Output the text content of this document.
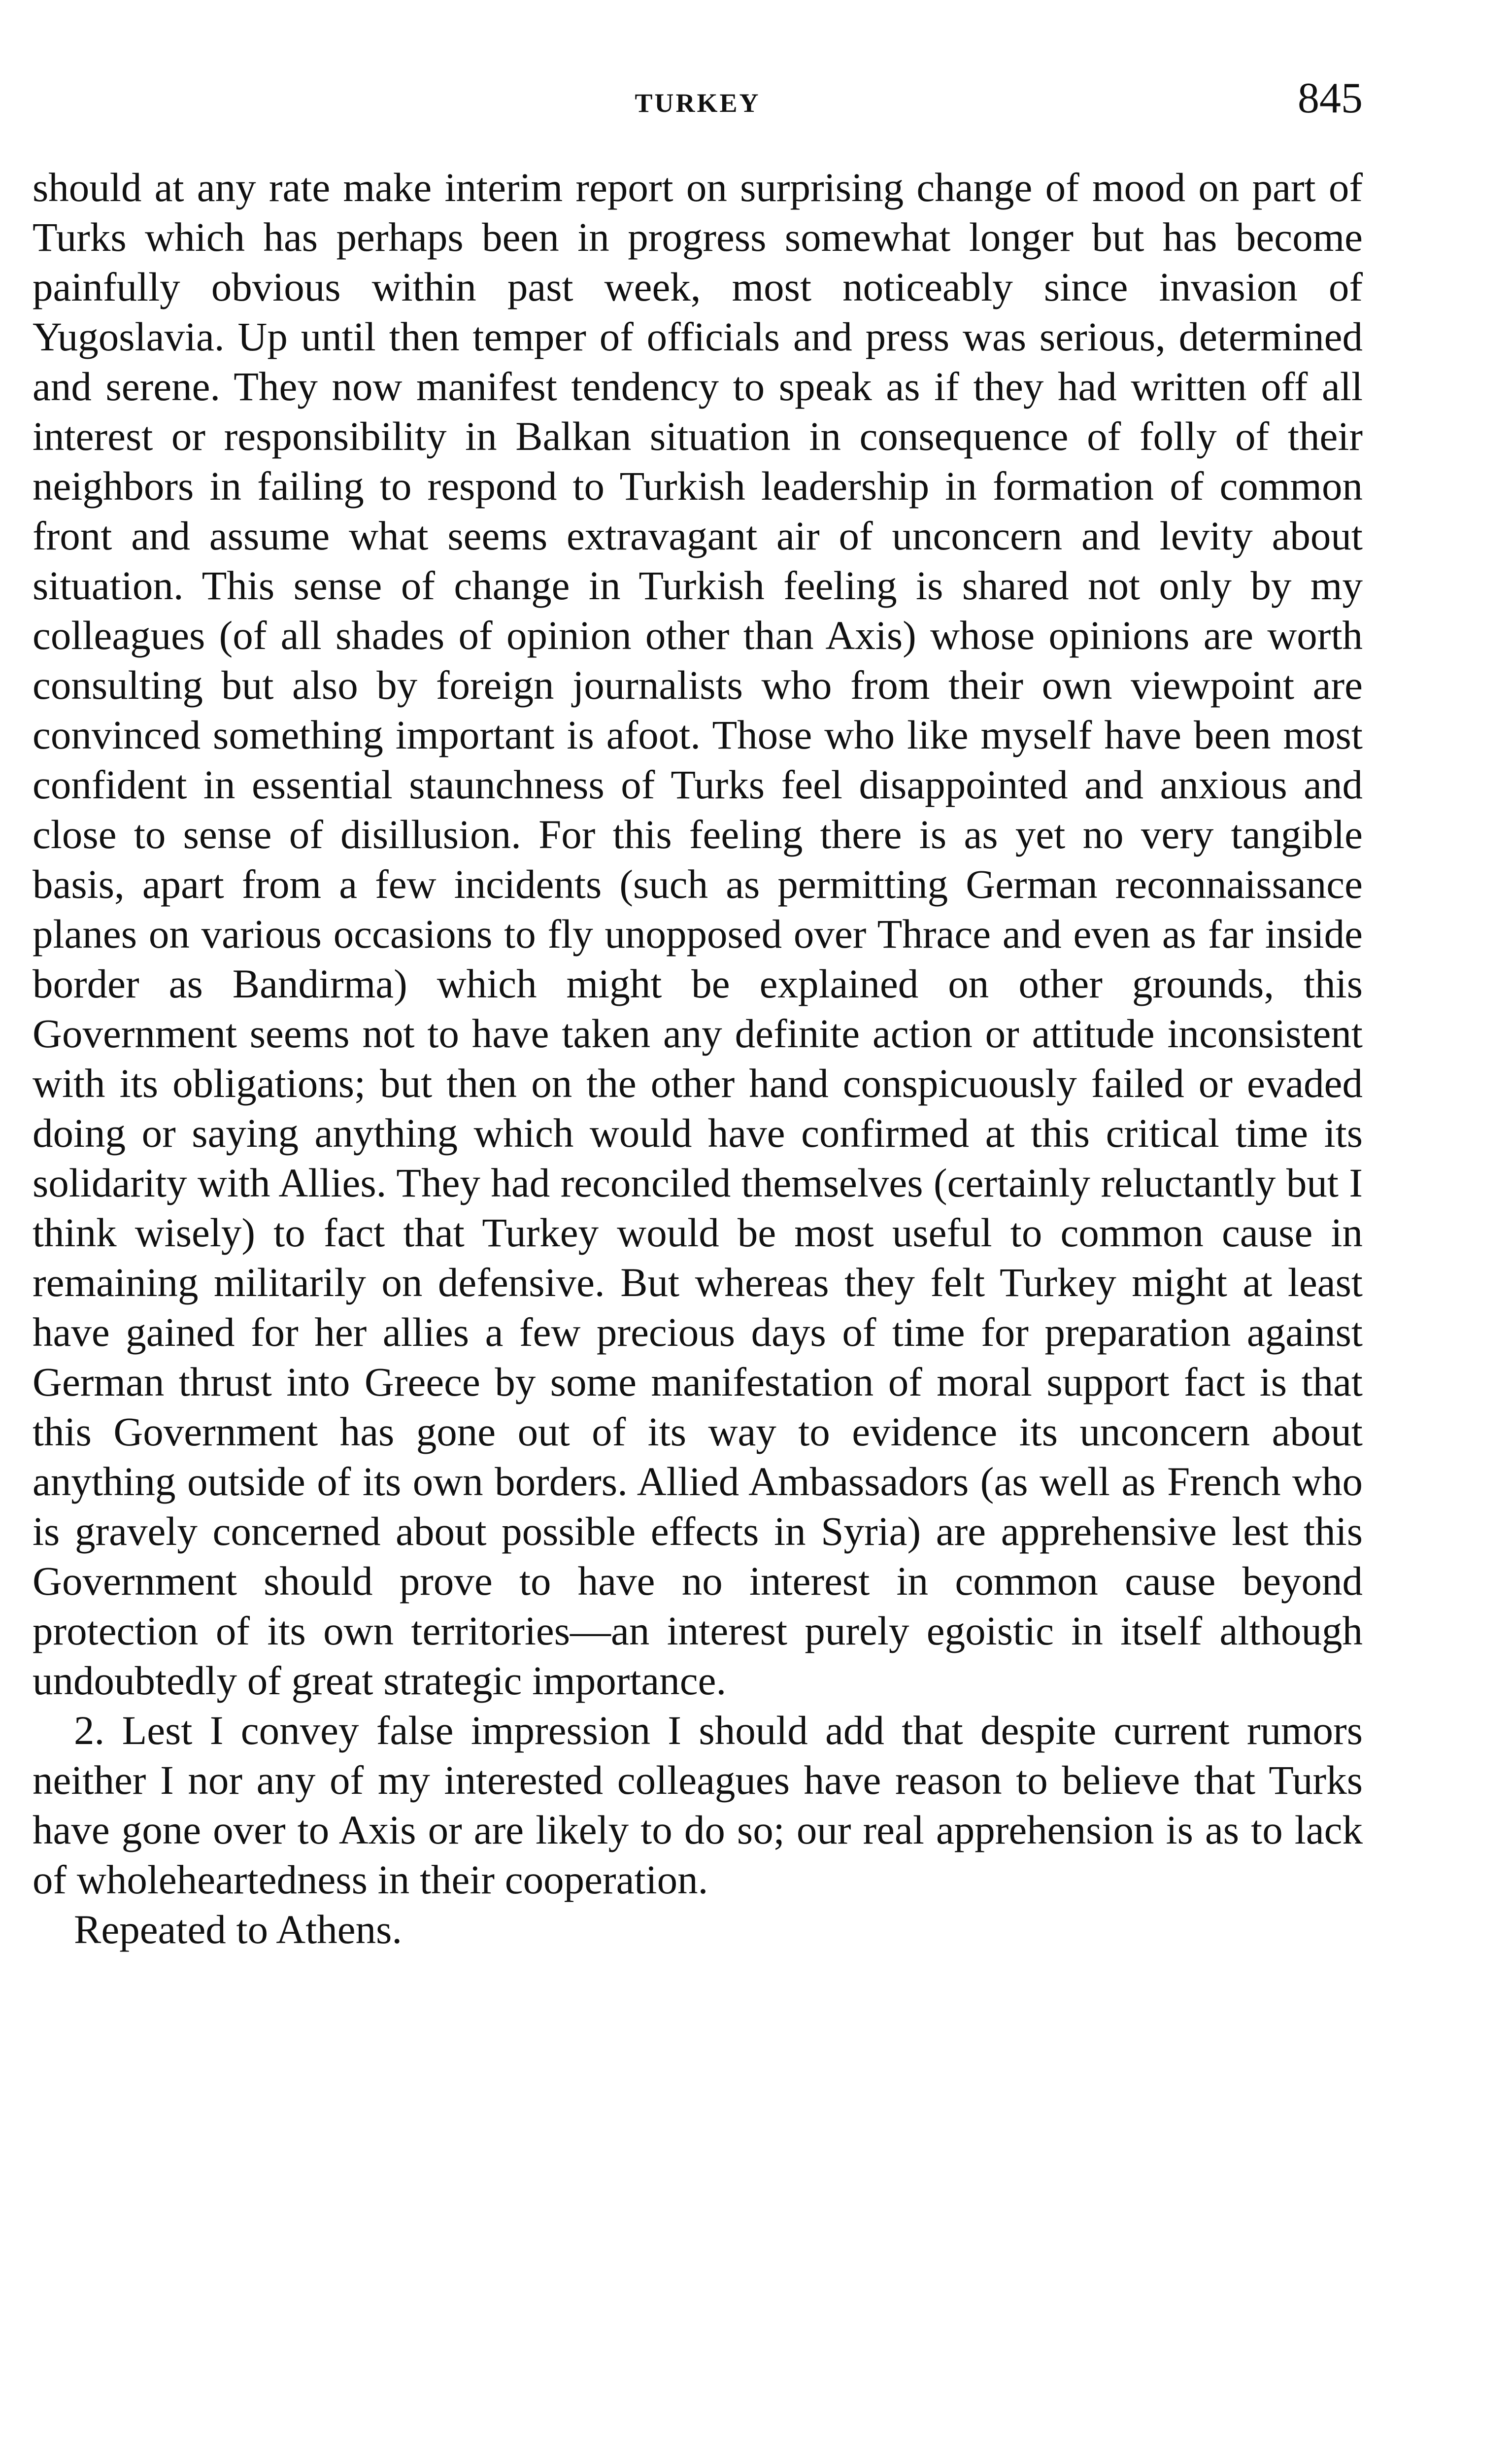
TURKEY	845

should at any rate make interim report on surprising change of mood on part of Turks which has perhaps been in progress somewhat longer but has become painfully obvious within past week, most noticeably since invasion of Yugoslavia. Up until then temper of officials and press was serious, determined and serene. They now manifest tendency to speak as if they had written off all interest or responsibility in Balkan situation in consequence of folly of their neighbors in failing to respond to Turkish leadership in formation of common front and assume what seems extravagant air of unconcern and levity about situation. This sense of change in Turkish feeling is shared not only by my colleagues (of all shades of opinion other than Axis) whose opinions are worth consulting but also by foreign journalists who from their own viewpoint are convinced something important is afoot. Those who like myself have been most confident in essential staunchness of Turks feel disappointed and anxious and close to sense of disillusion. For this feeling there is as yet no very tangible basis, apart from a few incidents (such as permitting German reconnaissance planes on various occasions to fly unopposed over Thrace and even as far inside border as Bandirma) which might be explained on other grounds, this Government seems not to have taken any definite action or attitude inconsistent with its obligations; but then on the other hand conspicuously failed or evaded doing or saying anything which would have confirmed at this critical time its solidarity with Allies. They had reconciled themselves (certainly reluctantly but I think wisely) to fact that Turkey would be most useful to common cause in remaining militarily on defensive. But whereas they felt Turkey might at least have gained for her allies a few precious days of time for preparation against German thrust into Greece by some manifestation of moral support fact is that this Government has gone out of its way to evidence its unconcern about anything outside of its own borders. Allied Ambassadors (as well as French who is gravely concerned about possible effects in Syria) are apprehensive lest this Government should prove to have no interest in common cause beyond protection of its own territories—an interest purely egoistic in itself although undoubtedly of great strategic importance.

2. Lest I convey false impression I should add that despite current rumors neither I nor any of my interested colleagues have reason to believe that Turks have gone over to Axis or are likely to do so; our real apprehension is as to lack of wholeheartedness in their cooperation.

Repeated to Athens.
